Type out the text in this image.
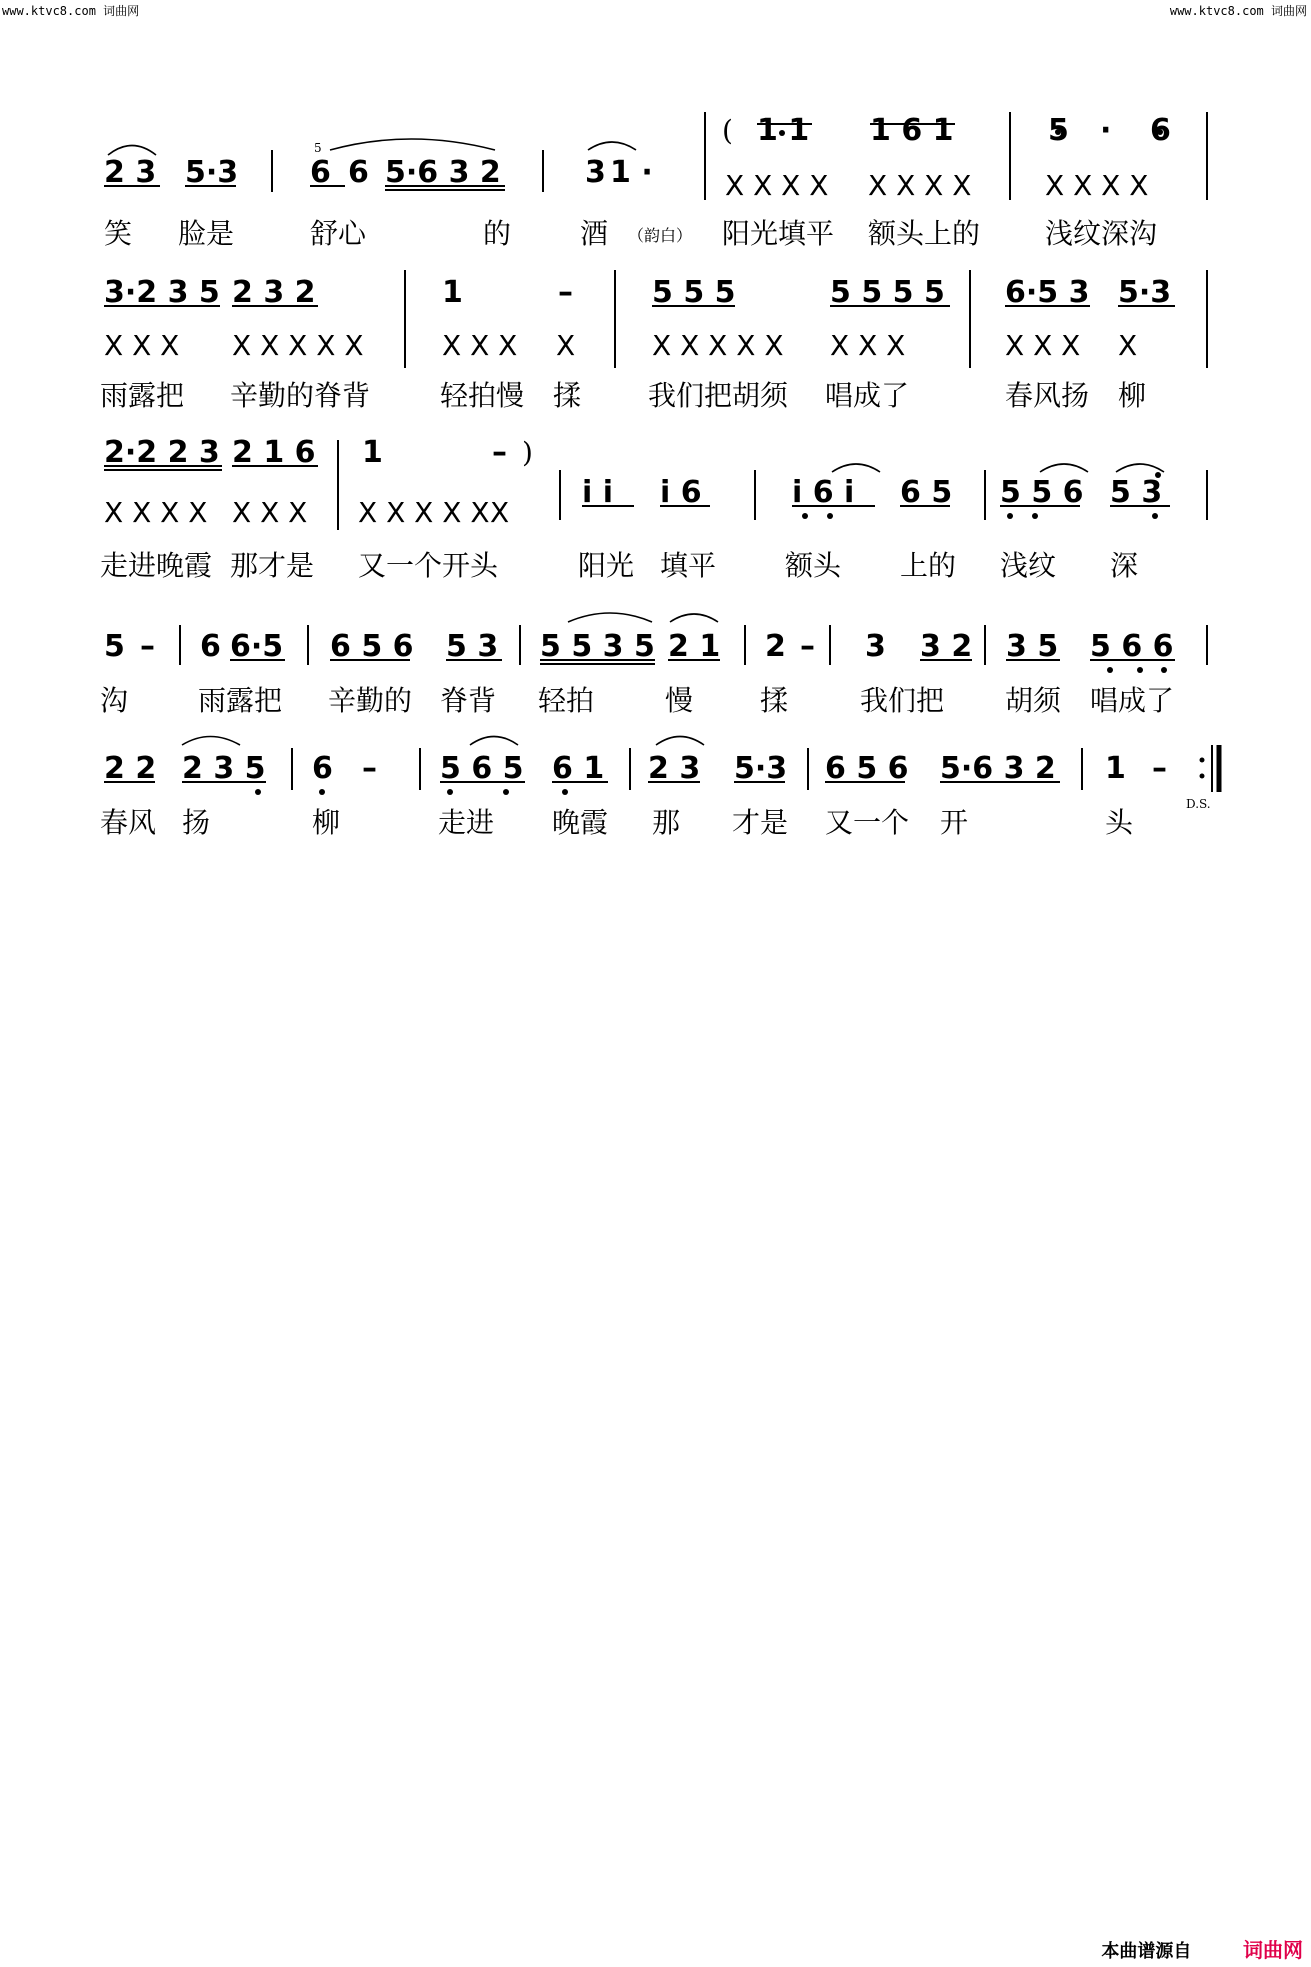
www.ktvc8.com 词曲网	www.ktvc8.com 词曲网
2 3 5·3
5
6 6 5·6 3 2	3 1 ·
( 1 1 1 6 1	5 · 6
X X X X X X X X	X X X X
笑 脸是	舒心	的 酒 （韵白） 阳光填平 额头上的 浅纹深沟
3·2 3 5 2 3 2	1	–	5 5 5	5 5 5 5 6·5 3 5·3
X X X X X X X X	X X X X	X X X X X X X X	X X X X
雨露把 辛勤的脊背 轻拍慢 揉 我们把胡须 唱成了	春风扬 柳
2·2 2 3 2 1 6 1	– )
i i i 6	i 6 i 6 5 5 5 6 5 3
X X X X X X X X X X X X X
走进晚霞 那才是 又一个开头	阳光 填平 额头 上的 浅纹 深
5 – 6 6·5 6 5 6 5 3 5 5 3 5 2 1 2 – 3 3 2 3 5 5 6 6
沟 雨露把 辛勤的 脊背 轻拍	慢 揉	我们把 胡须 唱成了
2 2 2 3 5 6 – 5 6 5 6 1 2 3 5·3 6 5 6 5·6 3 2 1 –
D.S.
春风 扬	柳	走进 晚霞 那 才是 又一个 开	头
本曲谱源自	词曲网
